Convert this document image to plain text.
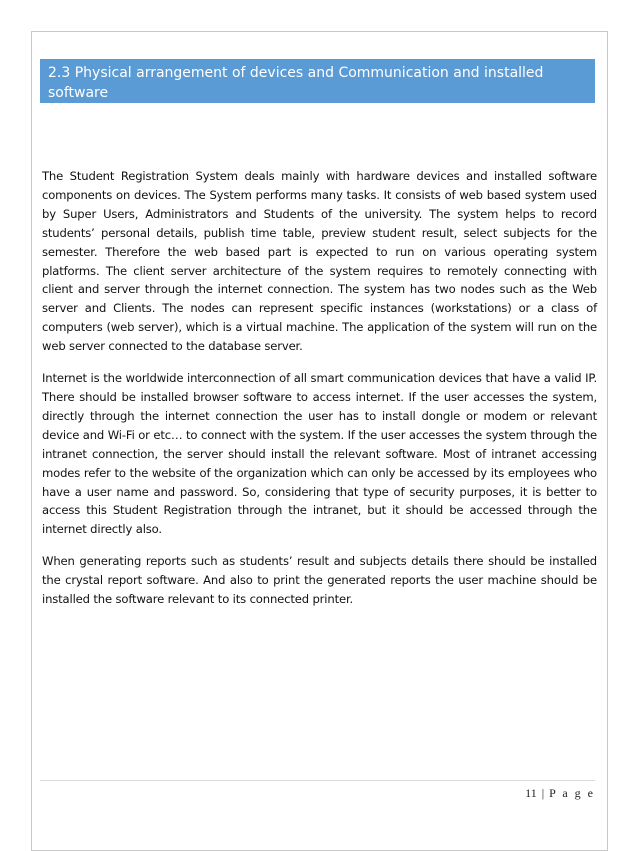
2.3 Physical arrangement of devices and Communication and installed software
Components on devices.

The Student Registration System deals mainly with hardware devices and installed software components on devices. The System performs many tasks. It consists of web based system used by Super Users, Administrators and Students of the university. The system helps to record students’ personal details, publish time table, preview student result, select subjects for the semester. Therefore the web based part is expected to run on various operating system platforms. The client server architecture of the system requires to remotely connecting with client and server through the internet connection. The system has two nodes such as the Web server and Clients. The nodes can represent specific instances (workstations) or a class of computers (web server), which is a virtual machine. The application of the system will run on the web server connected to the database server.

Internet is the worldwide interconnection of all smart communication devices that have a valid IP. There should be installed browser software to access internet. If the user accesses the system, directly through the internet connection the user has to install dongle or modem or relevant device and Wi-Fi or etc… to connect with the system. If the user accesses the system through the intranet connection, the server should install the relevant software. Most of intranet accessing modes refer to the website of the organization which can only be accessed by its employees who have a user name and password. So, considering that type of security purposes, it is better to access this Student Registration through the intranet, but it should be accessed through the internet directly also.

When generating reports such as students’ result and subjects details there should be installed the crystal report software. And also to print the generated reports the user machine should be installed the software relevant to its connected printer.

11 | P a g e
